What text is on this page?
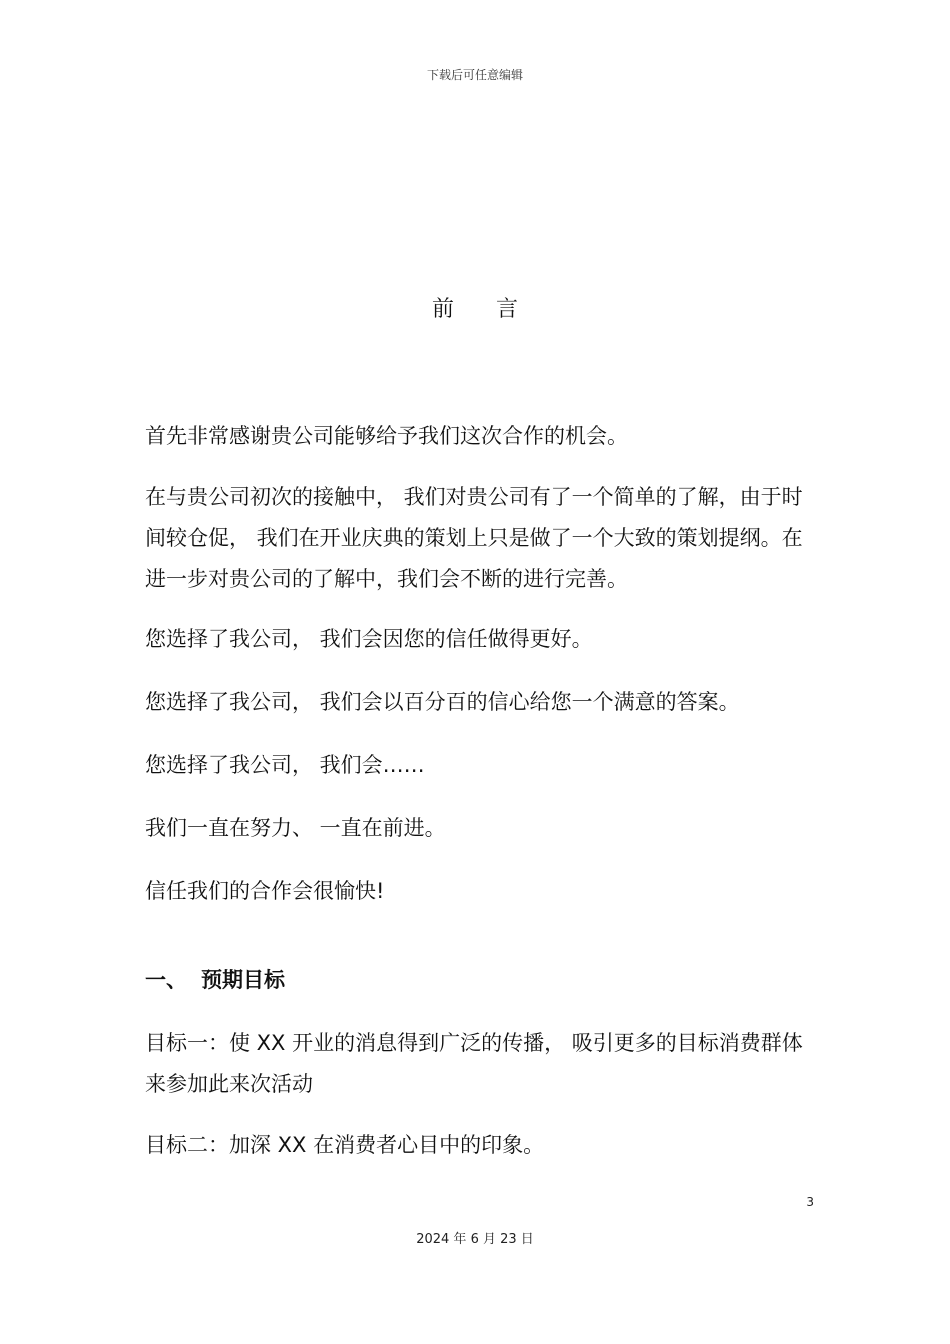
下载后可任意编辑
前言

首先非常感谢贵公司能够给予我们这次合作的机会。

在与贵公司初次的接触中， 我们对贵公司有了一个简单的了解，由于时间较仓促， 我们在开业庆典的策划上只是做了一个大致的策划提纲。在进一步对贵公司的了解中，我们会不断的进行完善。

您选择了我公司， 我们会因您的信任做得更好。

您选择了我公司， 我们会以百分百的信心给您一个满意的答案。

您选择了我公司， 我们会……

我们一直在努力、 一直在前进。

信任我们的合作会很愉快!

一、 预期目标

目标一：使 XX 开业的消息得到广泛的传播， 吸引更多的目标消费群体来参加此来次活动

目标二：加深 XX 在消费者心目中的印象。

3
2024 年 6 月 23 日
